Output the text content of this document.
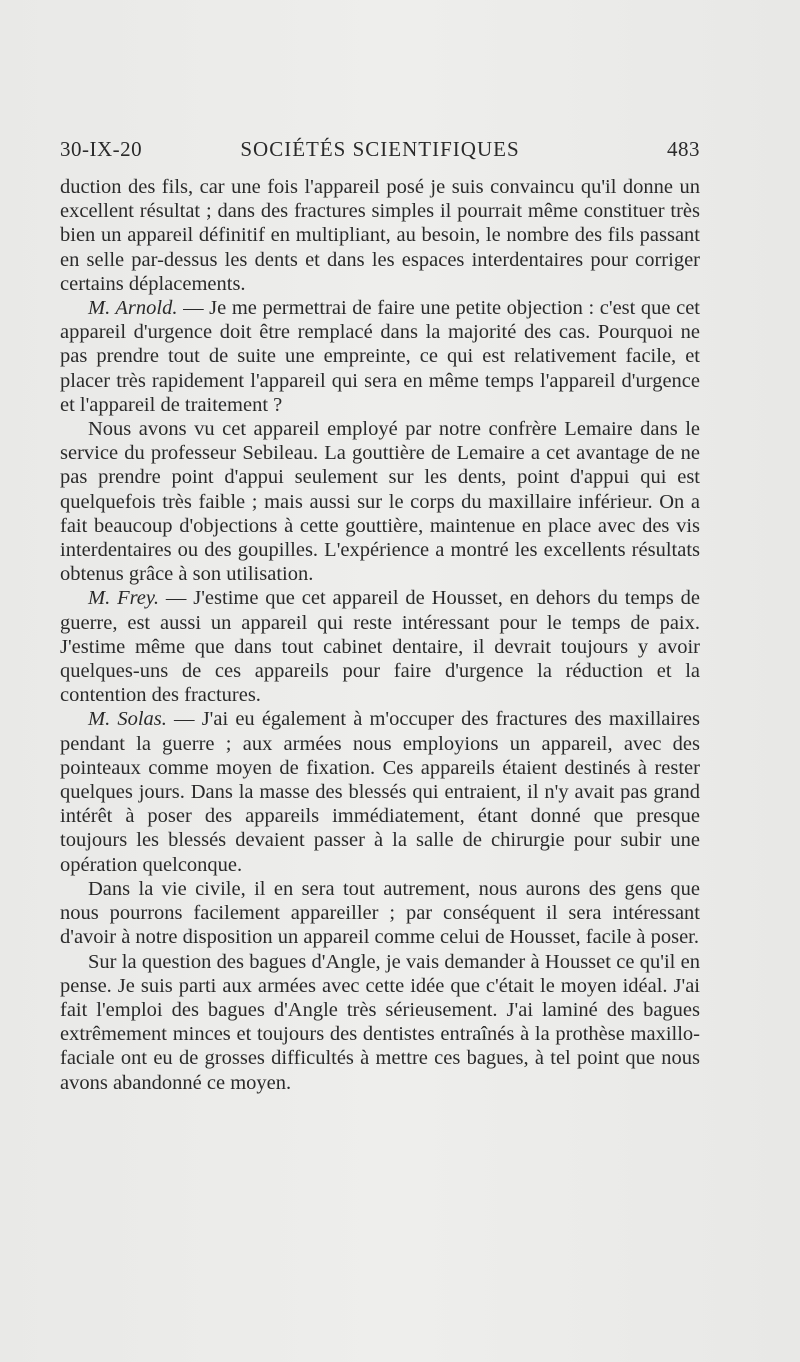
30-IX-20	SOCIÉTÉS SCIENTIFIQUES	483

duction des fils, car une fois l'appareil posé je suis convaincu qu'il donne un excellent résultat ; dans des fractures simples il pourrait même constituer très bien un appareil définitif en multipliant, au besoin, le nombre des fils passant en selle par-dessus les dents et dans les espaces interdentaires pour corriger certains déplacements.

M. Arnold. — Je me permettrai de faire une petite objection : c'est que cet appareil d'urgence doit être remplacé dans la majorité des cas. Pourquoi ne pas prendre tout de suite une empreinte, ce qui est relativement facile, et placer très rapidement l'appareil qui sera en même temps l'appareil d'urgence et l'appareil de traitement ?

Nous avons vu cet appareil employé par notre confrère Lemaire dans le service du professeur Sebileau. La gouttière de Lemaire a cet avantage de ne pas prendre point d'appui seulement sur les dents, point d'appui qui est quelquefois très faible ; mais aussi sur le corps du maxillaire inférieur. On a fait beaucoup d'objections à cette gouttière, maintenue en place avec des vis interdentaires ou des goupilles. L'expérience a montré les excellents résultats obtenus grâce à son utilisation.

M. Frey. — J'estime que cet appareil de Housset, en dehors du temps de guerre, est aussi un appareil qui reste intéressant pour le temps de paix. J'estime même que dans tout cabinet dentaire, il devrait toujours y avoir quelques-uns de ces appareils pour faire d'urgence la réduction et la contention des fractures.

M. Solas. — J'ai eu également à m'occuper des fractures des maxillaires pendant la guerre ; aux armées nous employions un appareil, avec des pointeaux comme moyen de fixation. Ces appareils étaient destinés à rester quelques jours. Dans la masse des blessés qui entraient, il n'y avait pas grand intérêt à poser des appareils immédiatement, étant donné que presque toujours les blessés devaient passer à la salle de chirurgie pour subir une opération quelconque.

Dans la vie civile, il en sera tout autrement, nous aurons des gens que nous pourrons facilement appareiller ; par conséquent il sera intéressant d'avoir à notre disposition un appareil comme celui de Housset, facile à poser.

Sur la question des bagues d'Angle, je vais demander à Housset ce qu'il en pense. Je suis parti aux armées avec cette idée que c'était le moyen idéal. J'ai fait l'emploi des bagues d'Angle très sérieusement. J'ai laminé des bagues extrêmement minces et toujours des dentistes entraînés à la prothèse maxillo-faciale ont eu de grosses difficultés à mettre ces bagues, à tel point que nous avons abandonné ce moyen.
